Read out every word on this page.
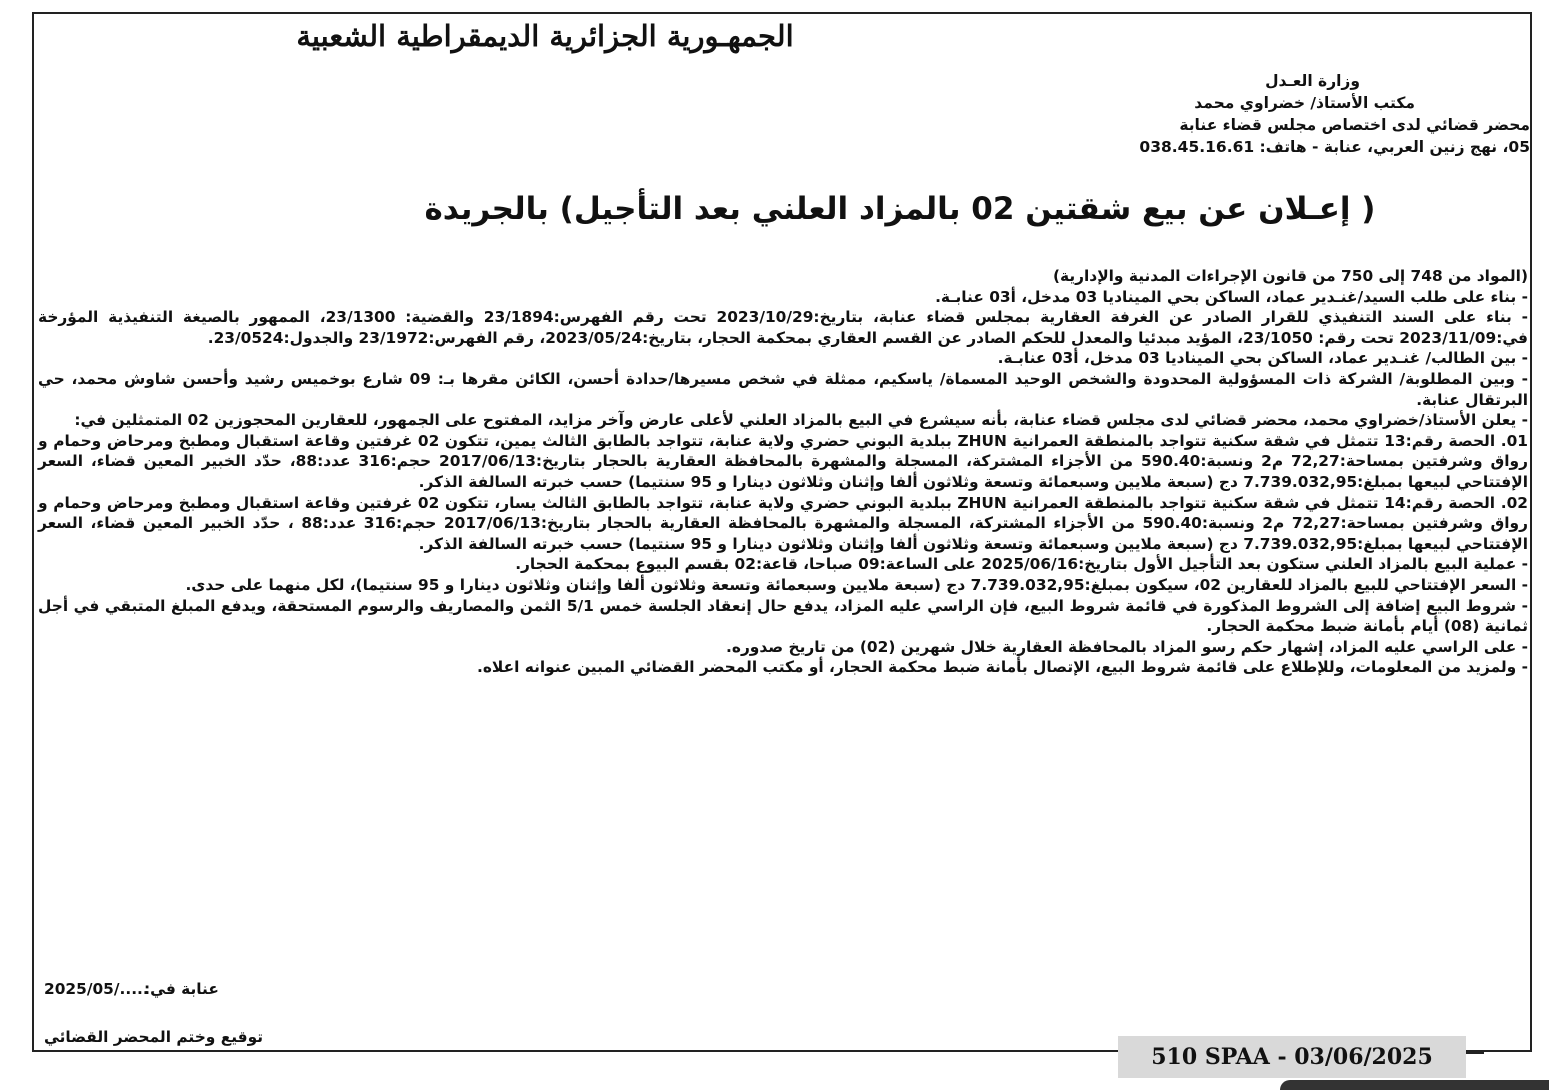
الجمهـورية الجزائرية الديمقراطية الشعبية
وزارة العـدل
مكتب الأستاذ/ خضراوي محمد
محضر قضائي لدى اختصاص مجلس قضاء عنابة
05، نهج زنين العربي، عنابة - هاتف: 038.45.16.61
( إعـلان عن بيع شقتين 02 بالمزاد العلني بعد التأجيل) بالجريدة

(المواد من 748 إلى 750 من قانون الإجراءات المدنية والإدارية)

- بناء على طلب السيد/غنـدير عماد، الساكن بحي الميناديا 03 مدخل، أ03 عنابـة.

- بناء على السند التنفيذي للقرار الصادر عن الغرفة العقارية بمجلس قضاء عنابة، بتاريخ:2023/10/29 تحت رقم الفهرس:23/1894 والقضية: 23/1300، الممهور بالصيغة التنفيذية المؤرخة في:2023/11/09 تحت رقم: 23/1050، المؤيد مبدئيا والمعدل للحكم الصادر عن القسم العقاري بمحكمة الحجار، بتاريخ:2023/05/24، رقم الفهرس:23/1972 والجدول:23/0524.

- بين الطالب/ غنـدير عماد، الساكن بحي الميناديا 03 مدخل، أ03 عنابـة.

- وبين المطلوبة/ الشركة ذات المسؤولية المحدودة والشخص الوحيد المسماة/ ياسكيم، ممثلة في شخص مسيرها/حدادة أحسن، الكائن مقرها بـ: 09 شارع بوخميس رشيد وأحسن شاوش محمد، حي البرتقال عنابة.

- يعلن الأستاذ/خضراوي محمد، محضر قضائي لدى مجلس قضاء عنابة، بأنه سيشرع في البيع بالمزاد العلني لأعلى عارض وآخر مزايد، المفتوح على الجمهور، للعقارين المحجوزين 02 المتمثلين في:

01. الحصة رقم:13 تتمثل في شقة سكنية تتواجد بالمنطقة العمرانية ZHUN ببلدية البوني حضري ولاية عنابة، تتواجد بالطابق الثالث يمين، تتكون 02 غرفتين وقاعة استقبال ومطبخ ومرحاض وحمام و رواق وشرفتين بمساحة:72,27 م2 ونسبة:590.40 من الأجزاء المشتركة، المسجلة والمشهرة بالمحافظة العقارية بالحجار بتاريخ:2017/06/13 حجم:316 عدد:88، حدّد الخبير المعين قضاء، السعر الإفتتاحي لبيعها بمبلغ:7.739.032,95 دج (سبعة ملايين وسبعمائة وتسعة وثلاثون ألفا وإثنان وثلاثون دينارا و 95 سنتيما) حسب خبرته السالفة الذكر.

02. الحصة رقم:14 تتمثل في شقة سكنية تتواجد بالمنطقة العمرانية ZHUN ببلدية البوني حضري ولاية عنابة، تتواجد بالطابق الثالث يسار، تتكون 02 غرفتين وقاعة استقبال ومطبخ ومرحاض وحمام و رواق وشرفتين بمساحة:72,27 م2 ونسبة:590.40 من الأجزاء المشتركة، المسجلة والمشهرة بالمحافظة العقارية بالحجار بتاريخ:2017/06/13 حجم:316 عدد:88 ، حدّد الخبير المعين قضاء، السعر الإفتتاحي لبيعها بمبلغ:7.739.032,95 دج (سبعة ملايين وسبعمائة وتسعة وثلاثون ألفا وإثنان وثلاثون دينارا و 95 سنتيما) حسب خبرته السالفة الذكر.

- عملية البيع بالمزاد العلني ستكون بعد التأجيل الأول بتاريخ:2025/06/16 على الساعة:09 صباحا، قاعة:02 بقسم البيوع بمحكمة الحجار.

- السعر الإفتتاحي للبيع بالمزاد للعقارين 02، سيكون بمبلغ:7.739.032,95 دج (سبعة ملايين وسبعمائة وتسعة وثلاثون ألفا وإثنان وثلاثون دينارا و 95 سنتيما)، لكل منهما على حدى.

- شروط البيع إضافة إلى الشروط المذكورة في قائمة شروط البيع، فإن الراسي عليه المزاد، يدفع حال إنعقاد الجلسة خمس 5/1 الثمن والمصاريف والرسوم المستحقة، ويدفع المبلغ المتبقي في أجل ثمانية (08) أيام بأمانة ضبط محكمة الحجار.

- على الراسي عليه المزاد، إشهار حكم رسو المزاد بالمحافظة العقارية خلال شهرين (02) من تاريخ صدوره.

- ولمزيد من المعلومات، وللإطلاع على قائمة شروط البيع، الإتصال بأمانة ضبط محكمة الحجار، أو مكتب المحضر القضائي المبين عنوانه اعلاه.

عنابة في:
2025/05/.....
توقيع وختم المحضر القضائي
510 SPAA - 03/06/2025
